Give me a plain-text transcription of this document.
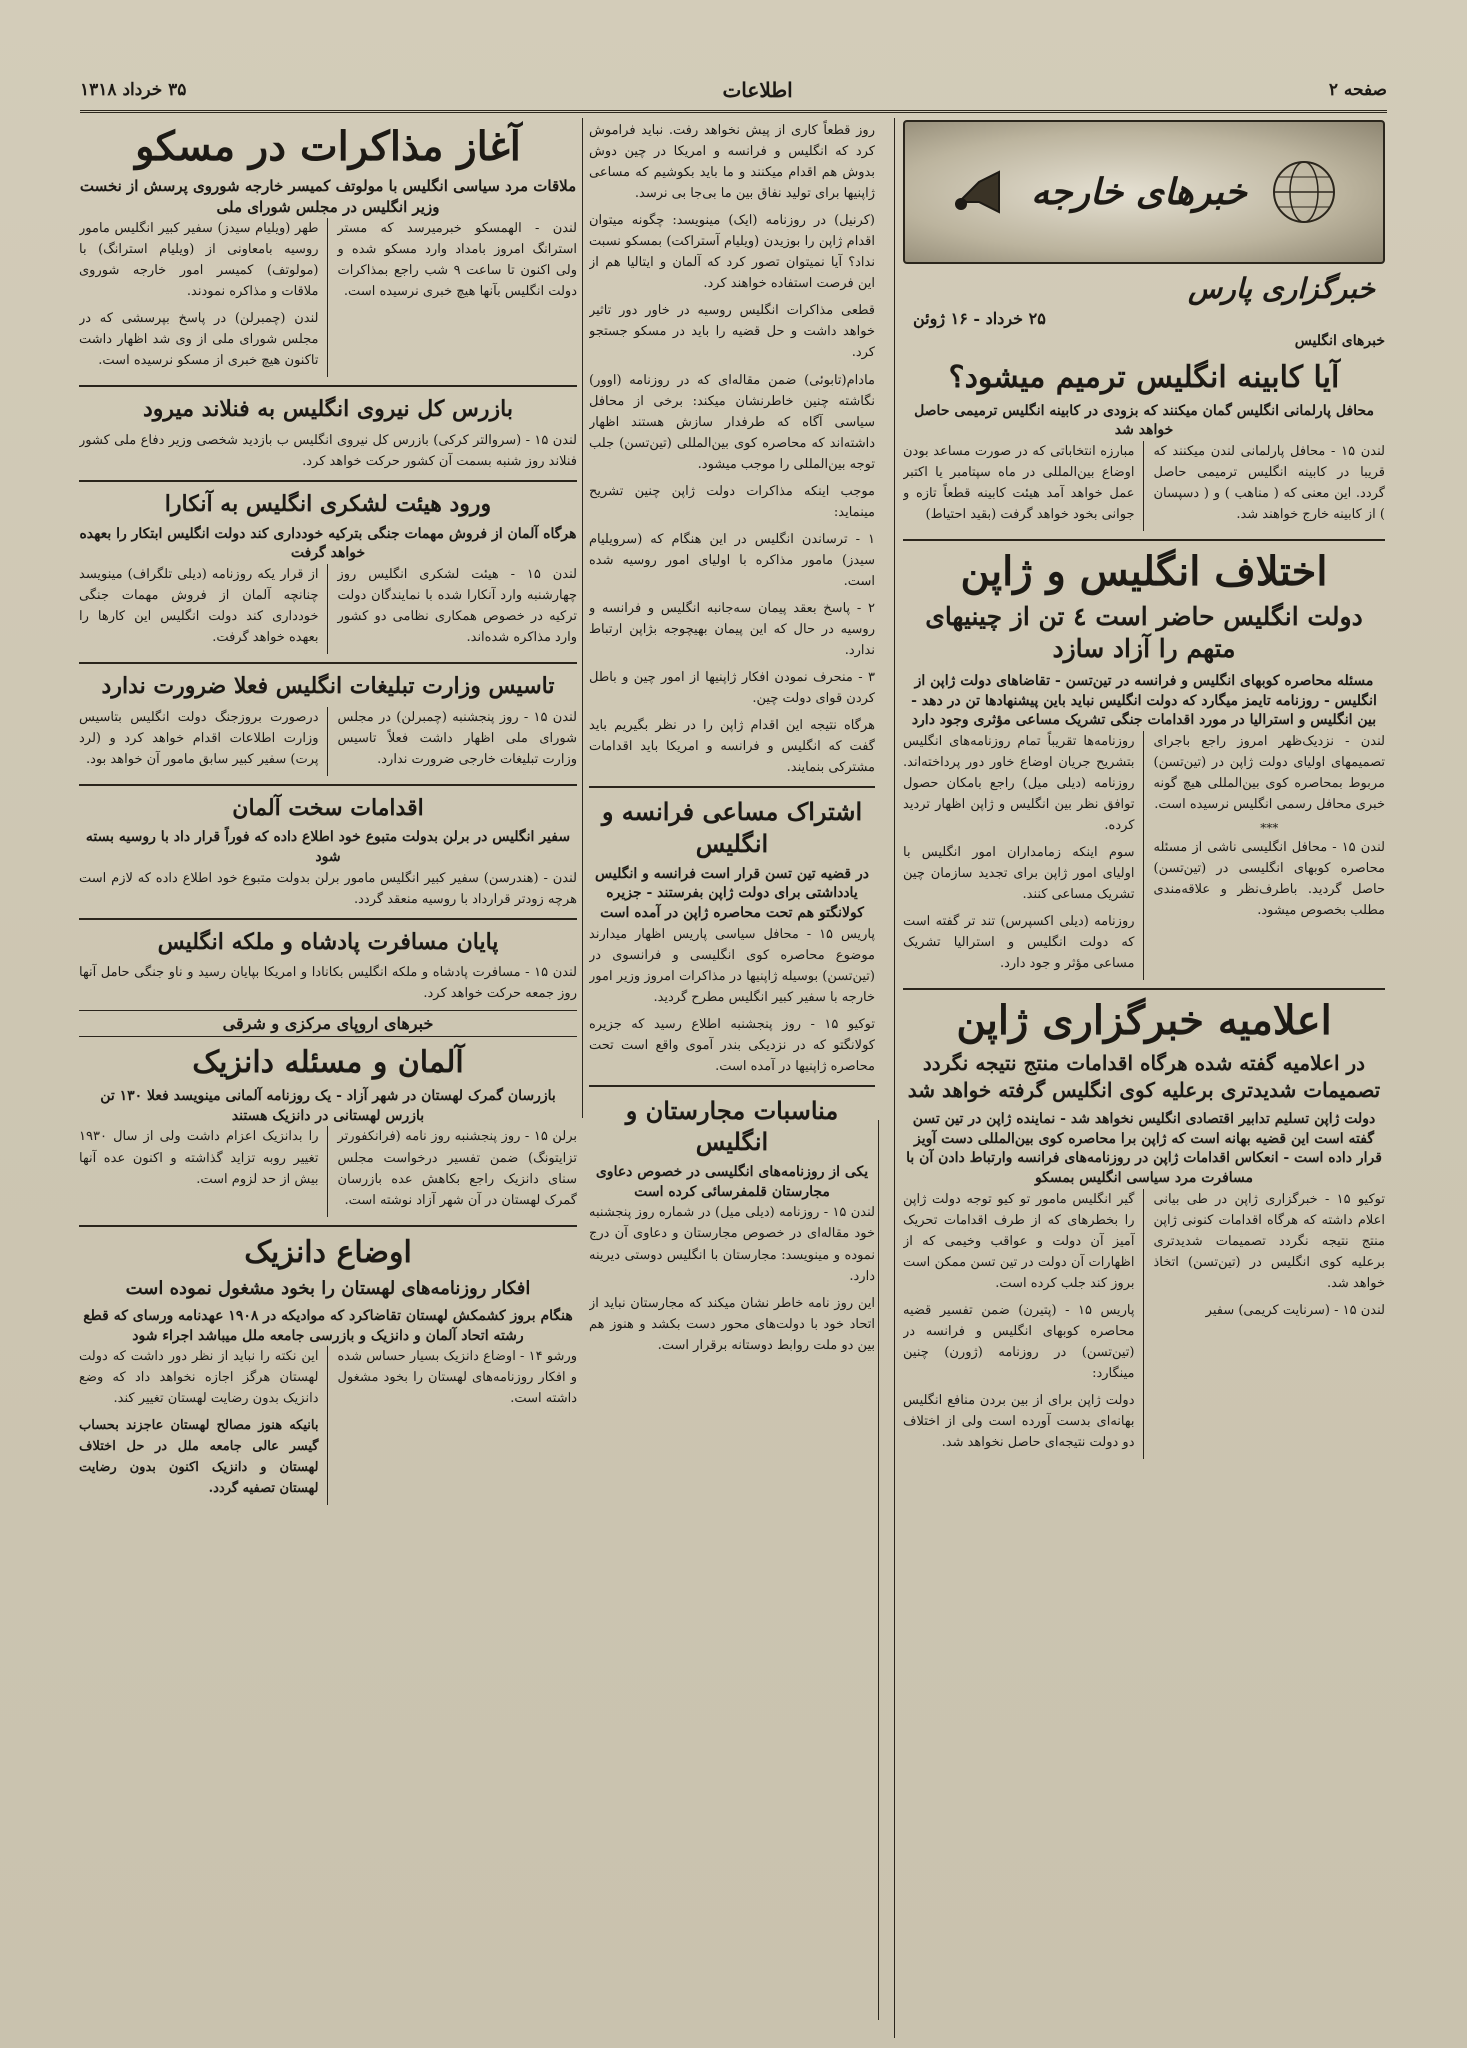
صفحه ۲
اطلاعات
۳۵ خرداد ۱۳۱۸
خبرهای خارجه
خبرگزاری پارس
۲۵ خرداد - ۱۶ ژوئن
خبرهای انگلیس
آیا کابینه انگلیس ترمیم میشود؟
محافل پارلمانی انگلیس گمان میکنند که بزودی در کابینه انگلیس ترمیمی حاصل خواهد شد

لندن ۱۵ - محافل پارلمانی لندن میکنند که قریبا در کابینه انگلیس ترمیمی حاصل گردد. این معنی که ( مناهب ) و ( دسپسان ) از کابینه خارج خواهند شد.

مبارزه انتخاباتی که در صورت مساعد بودن اوضاع بین‌المللی در ماه سپتامبر یا اکتبر عمل خواهد آمد هیئت کابینه قطعاً تازه و جوانی بخود خواهد گرفت (بقید احتیاط)

اختلاف انگلیس و ژاپن
دولت انگلیس حاضر است ٤ تن از چینیهای متهم را آزاد سازد
مسئله محاصره کوبهای انگلیس و فرانسه در تین‌تسن - تقاضاهای دولت ژاپن از انگلیس - روزنامه تایمز میگارد که دولت انگلیس نباید باین پیشنهادها تن در دهد - بین انگلیس و استرالیا در مورد اقدامات جنگی تشریک مساعی مؤثری وجود دارد

لندن - نزدیک‌ظهر امروز راجع باجرای تصمیمهای اولیای دولت ژاپن در (تین‌تسن) مربوط بمحاصره کوی بین‌المللی هیچ گونه خبری محافل رسمی انگلیس نرسیده است.

***

لندن ۱۵ - محافل انگلیسی ناشی از مسئله محاصره کوبهای انگلیسی در (تین‌تسن) حاصل گردید. باطرف‌نظر و علاقه‌مندی مطلب بخصوص میشود.

روزنامه‌ها تقریباً تمام روزنامه‌های انگلیس بتشریح جریان اوضاع خاور دور پرداخته‌اند. روزنامه (دیلی میل) راجع بامکان حصول توافق نظر بین انگلیس و ژاپن اظهار تردید کرده.

سوم اینکه زمامداران امور انگلیس با اولیای امور ژاپن برای تجدید سازمان چین تشریک مساعی کنند.

روزنامه (دیلی اکسپرس) تند تر گفته است که دولت انگلیس و استرالیا تشریک مساعی مؤثر و جود دارد.

اعلامیه خبرگزاری ژاپن
در اعلامیه گفته شده هرگاه اقدامات منتج نتیجه نگردد تصمیمات شدیدتری برعلیه کوی انگلیس گرفته خواهد شد
دولت ژاپن تسلیم تدابیر اقتصادی انگلیس نخواهد شد - نماینده ژاپن در تین تسن گفته است این قضیه بهانه است که ژاپن برا محاصره کوی بین‌المللی دست آویز قرار داده است - انعکاس اقدامات ژاپن در روزنامه‌های فرانسه وارتباط دادن آن با مسافرت مرد سیاسی انگلیس بمسکو

توکیو ۱۵ - خبرگزاری ژاپن در طی بیانی اعلام داشته که هرگاه اقدامات کنونی ژاپن منتج نتیجه نگردد تصمیمات شدیدتری برعلیه کوی انگلیس در (تین‌تسن) اتخاذ خواهد شد.

لندن ۱۵ - (سرنایت کریمی) سفیر

گیر انگلیس مامور تو کیو توجه دولت ژاپن را بخطرهای که از طرف اقدامات تحریک آمیز آن دولت و عواقب وخیمی که از اظهارات آن دولت در تین تسن ممکن است بروز کند جلب کرده است.

پاریس ۱۵ - (پتیرن) ضمن تفسیر قضیه محاصره کوبهای انگلیس و فرانسه در (تین‌تسن) در روزنامه (ژورن) چنین مینگارد:

دولت ژاپن برای از بین بردن منافع انگلیس بهانه‌ای بدست آورده است ولی از اختلاف دو دولت نتیجه‌ای حاصل نخواهد شد.

روز قطعاً کاری از پیش نخواهد رفت. نباید فراموش کرد که انگلیس و فرانسه و امریکا در چین دوش بدوش هم اقدام میکنند و ما باید بکوشیم که مساعی ژاپنیها برای تولید نفاق بین ما بی‌جا بی نرسد.

(کرنیل) در روزنامه (ایک) مینویسد: چگونه میتوان اقدام ژاپن را بوزیدن (ویلیام آستراکت) بمسکو نسبت نداد؟ آیا نمیتوان تصور کرد که آلمان و ایتالیا هم از این فرصت استفاده خواهند کرد.

قطعی مذاکرات انگلیس روسیه در خاور دور تاثیر خواهد داشت و حل قضیه را باید در مسکو جستجو کرد.

مادام(تابوئی) ضمن مقاله‌ای که در روزنامه (اوور) نگاشته چنین خاطرنشان میکند: برخی از محافل سیاسی آگاه که طرفدار سازش هستند اظهار داشته‌اند که محاصره کوی بین‌المللی (تین‌تسن) جلب توجه بین‌المللی را موجب میشود.

موجب اینکه مذاکرات دولت ژاپن چنین تشریح مینماید:

۱ - ترساندن انگلیس در این هنگام که (سرویلیام سیدز) مامور مذاکره با اولیای امور روسیه شده است.

۲ - پاسخ بعقد پیمان سه‌جانبه انگلیس و فرانسه و روسیه در حال که این پیمان بهیچوجه بژاپن ارتباط ندارد.

۳ - منحرف نمودن افکار ژاپنیها از امور چین و باطل کردن قوای دولت چین.

هرگاه نتیجه این اقدام ژاپن را در نظر بگیریم باید گفت که انگلیس و فرانسه و امریکا باید اقدامات مشترکی بنمایند.

اشتراک مساعی فرانسه و انگلیس
در قضیه تین تسن قرار است فرانسه و انگلیس یادداشتی برای دولت ژاپن بفرستند - جزیره کولانگتو هم تحت محاصره ژاپن در آمده است

پاریس ۱۵ - محافل سیاسی پاریس اظهار میدارند موضوع محاصره کوی انگلیسی و فرانسوی در (تین‌تسن) بوسیله ژاپنیها در مذاکرات امروز وزیر امور خارجه با سفیر کبیر انگلیس مطرح گردید.

توکیو ۱۵ - روز پنجشنبه اطلاع رسید که جزیره کولانگتو که در نزدیکی بندر آموی واقع است تحت محاصره ژاپنیها در آمده است.

مناسبات مجارستان و انگلیس
یکی از روزنامه‌های انگلیسی در خصوص دعاوی مجارستان قلمفرسائی کرده است

لندن ۱۵ - روزنامه (دیلی میل) در شماره روز پنجشنبه خود مقاله‌ای در خصوص مجارستان و دعاوی آن درج نموده و مینویسد: مجارستان با انگلیس دوستی دیرینه دارد.

این روز نامه خاطر نشان میکند که مجارستان نباید از اتحاد خود با دولت‌های محور دست بکشد و هنوز هم بین دو ملت روابط دوستانه برقرار است.

آغاز مذاکرات در مسکو
ملاقات مرد سیاسی انگلیس با مولوتف کمیسر خارجه شوروی پرسش از نخست وزیر انگلیس در مجلس شورای ملی

لندن - الهمسکو خبرمیرسد که مستر استرانگ امروز بامداد وارد مسکو شده و ولی اکنون تا ساعت ۹ شب راجع بمذاکرات دولت انگلیس بآنها هیچ خبری نرسیده است.

طهر (ویلیام سیدز) سفیر کبیر انگلیس مامور روسیه بامعاونی از (ویلیام استرانگ) با (مولوتف) کمیسر امور خارجه شوروی ملاقات و مذاکره نمودند.

لندن (چمبرلن) در پاسخ بپرسشی که در مجلس شورای ملی از وی شد اظهار داشت تاکنون هیچ خبری از مسکو نرسیده است.

بازرس کل نیروی انگلیس به فنلاند میرود

لندن ۱۵ - (سروالتر کرکی) بازرس کل نیروی انگلیس ب بازدید شخصی وزیر دفاع ملی کشور فنلاند روز شنبه بسمت آن کشور حرکت خواهد کرد.

ورود هیئت لشکری انگلیس به آنکارا
هرگاه آلمان از فروش مهمات جنگی بترکیه خودداری کند دولت انگلیس ابتکار را بعهده خواهد گرفت

لندن ۱۵ - هیئت لشکری انگلیس روز چهارشنبه وارد آنکارا شده با نمایندگان دولت ترکیه در خصوص همکاری نظامی دو کشور وارد مذاکره شده‌اند.

از قرار یکه روزنامه (دیلی تلگراف) مینویسد چنانچه آلمان از فروش مهمات جنگی خودداری کند دولت انگلیس این کارها را بعهده خواهد گرفت.

تاسیس وزارت تبلیغات انگلیس فعلا ضرورت ندارد

لندن ۱۵ - روز پنجشنبه (چمبرلن) در مجلس شورای ملی اظهار داشت فعلاً تاسیس وزارت تبلیغات خارجی ضرورت ندارد.

درصورت بروزجنگ دولت انگلیس بتاسیس وزارت اطلاعات اقدام خواهد کرد و (لرد پرت) سفیر کبیر سابق مامور آن خواهد بود.

اقدامات سخت آلمان
سفیر انگلیس در برلن بدولت متبوع خود اطلاع داده که فوراً قرار داد با روسیه بسته شود

لندن - (هندرسن) سفیر کبیر انگلیس مامور برلن بدولت متبوع خود اطلاع داده که لازم است هرچه زودتر قرارداد با روسیه منعقد گردد.

پایان مسافرت پادشاه و ملکه انگلیس

لندن ۱۵ - مسافرت پادشاه و ملکه انگلیس بکانادا و امریکا بپایان رسید و ناو جنگی حامل آنها روز جمعه حرکت خواهد کرد.

خبرهای اروپای مرکزی و شرقی
آلمان و مسئله دانزیک
بازرسان گمرک لهستان در شهر آزاد - یک روزنامه آلمانی مینویسد فعلا ۱۳۰ تن بازرس لهستانی در دانزیک هستند

برلن ۱۵ - روز پنجشنبه روز نامه (فرانکفورتر تزایتونگ) ضمن تفسیر درخواست مجلس سنای دانزیک راجع بکاهش عده بازرسان گمرک لهستان در آن شهر آزاد نوشته است.

را بدانزیک اعزام داشت ولی از سال ۱۹۳۰ تغییر روبه تزاید گذاشته و اکنون عده آنها بیش از حد لزوم است.

اوضاع دانزیک
افکار روزنامه‌های لهستان را بخود مشغول نموده است
هنگام بروز کشمکش لهستان تقاضاکرد که موادیکه در ۱۹۰۸ عهدنامه ورسای که قطع رشته اتحاد آلمان و دانزیک و بازرسی جامعه ملل میباشد اجراء شود

ورشو ۱۴ - اوضاع دانزیک بسیار حساس شده و افکار روزنامه‌های لهستان را بخود مشغول داشته است.

این نکته را نباید از نظر دور داشت که دولت لهستان هرگز اجازه نخواهد داد که وضع دانزیک بدون رضایت لهستان تغییر کند.

بانیکه هنوز مصالح لهستان عاجزند بحساب گیسر عالی جامعه ملل در حل اختلاف لهستان و دانزیک اکنون بدون رضایت لهستان تصفیه گردد.
